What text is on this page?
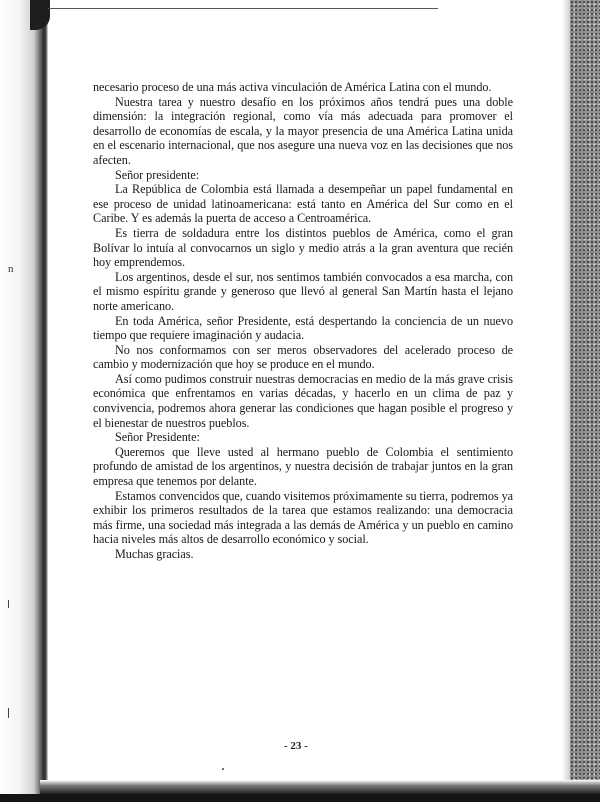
n

necesario proceso de una más activa vinculación de América Latina con el mundo.

Nuestra tarea y nuestro desafío en los próximos años tendrá pues una doble dimensión: la integración regional, como vía más adecuada para promover el desarrollo de economías de escala, y la mayor presencia de una América Latina unida en el escenario internacional, que nos asegure una nueva voz en las decisiones que nos afecten.

Señor presidente:

La República de Colombia está llamada a desempeñar un papel fundamental en ese proceso de unidad latinoamericana: está tanto en América del Sur como en el Caribe. Y es además la puerta de acceso a Centroamérica.

Es tierra de soldadura entre los distintos pueblos de América, como el gran Bolívar lo intuía al convocarnos un siglo y medio atrás a la gran aventura que recién hoy emprendemos.

Los argentinos, desde el sur, nos sentimos también convocados a esa marcha, con el mismo espíritu grande y generoso que llevó al general San Martín hasta el lejano norte americano.

En toda América, señor Presidente, está despertando la conciencia de un nuevo tiempo que requiere imaginación y audacia.

No nos conformamos con ser meros observadores del acelerado proceso de cambio y modernización que hoy se produce en el mundo.

Así como pudimos construir nuestras democracias en medio de la más grave crisis económica que enfrentamos en varias décadas, y hacerlo en un clima de paz y convivencia, podremos ahora generar las condiciones que hagan posible el progreso y el bienestar de nuestros pueblos.

Señor Presidente:

Queremos que lleve usted al hermano pueblo de Colombia el sentimiento profundo de amistad de los argentinos, y nuestra decisión de trabajar juntos en la gran empresa que tenemos por delante.

Estamos convencidos que, cuando visitemos próximamente su tierra, podremos ya exhibir los primeros resultados de la tarea que estamos realizando: una democracia más firme, una sociedad más integrada a las demás de América y un pueblo en camino hacia niveles más altos de desarrollo económico y social.

Muchas gracias.

- 23 -
